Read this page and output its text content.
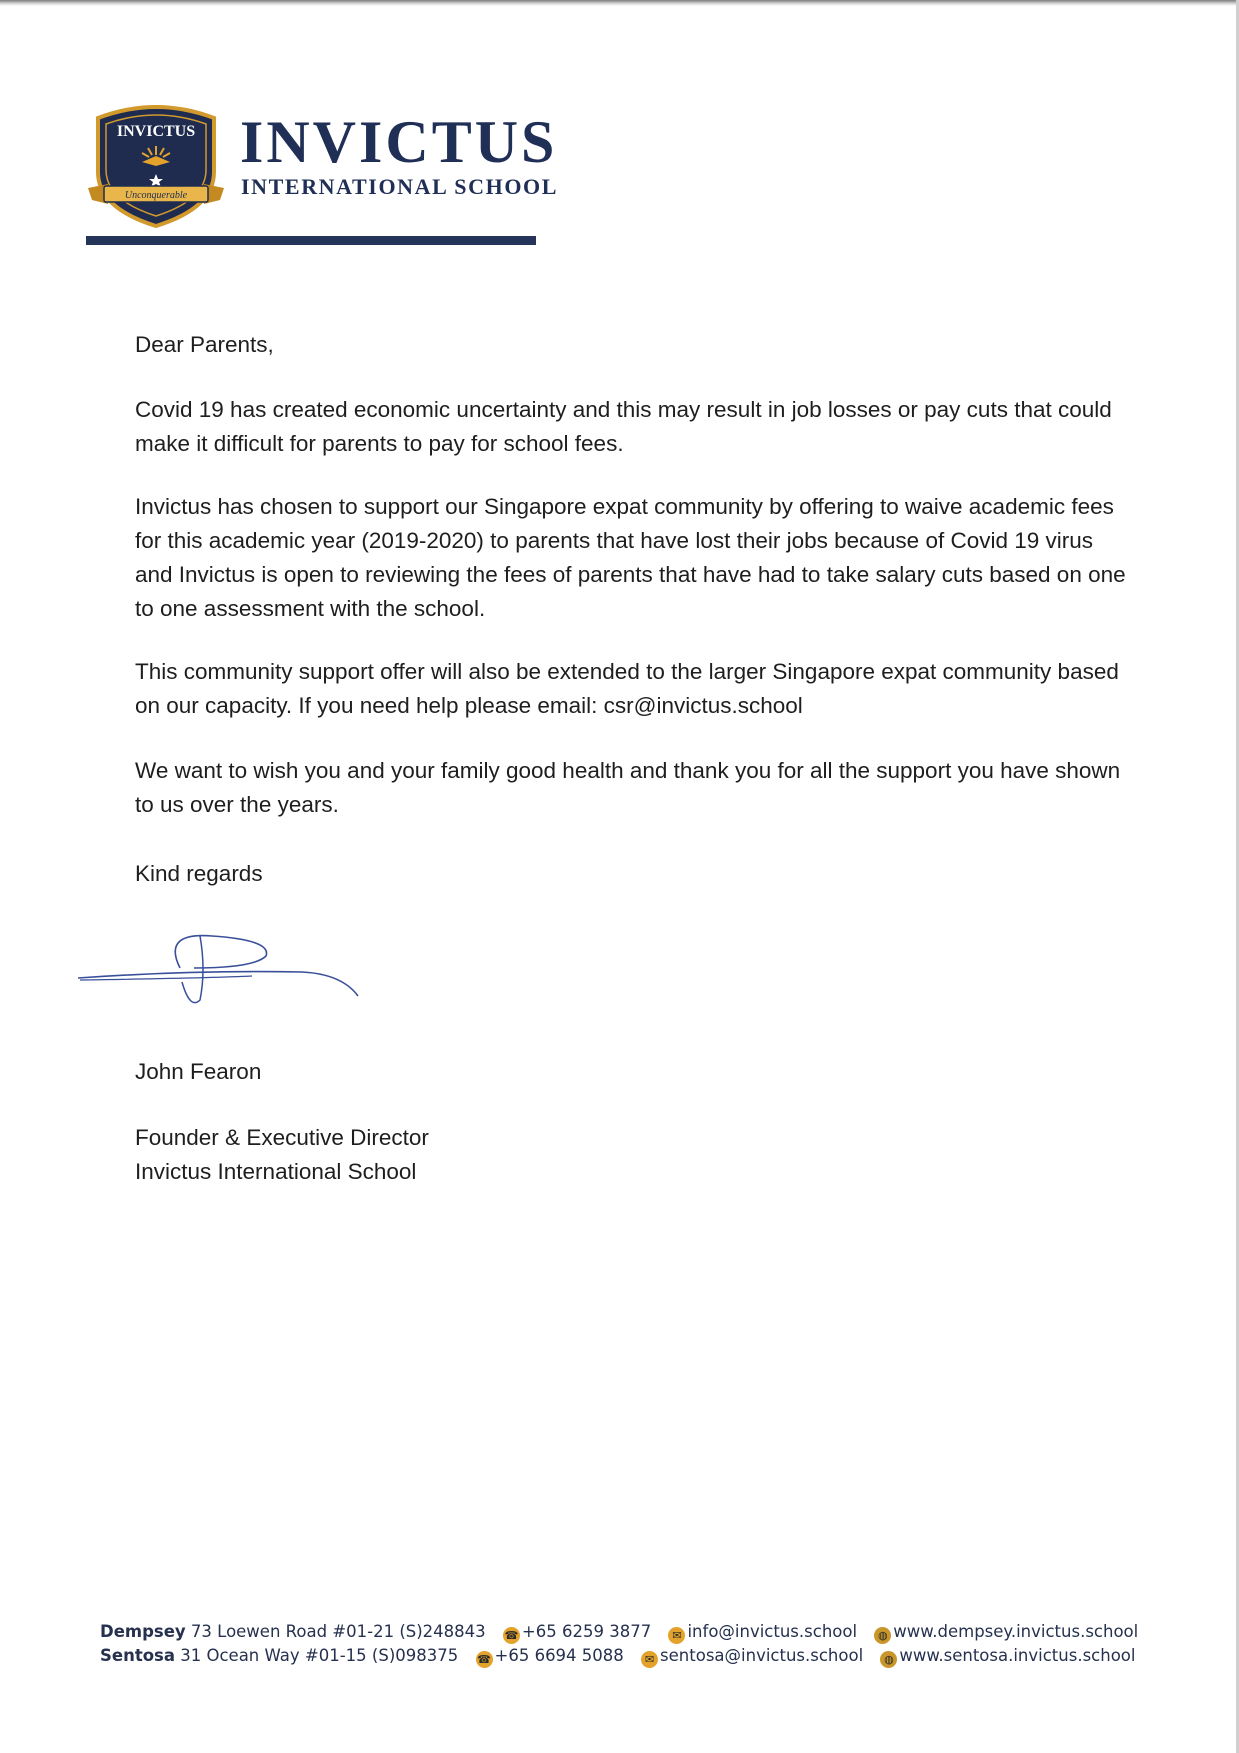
INVICTUS
Unconquerable
INVICTUS
INTERNATIONAL SCHOOL

Dear Parents,

Covid 19 has created economic uncertainty and this may result in job losses or pay cuts that could make it difficult for parents to pay for school fees.

Invictus has chosen to support our Singapore expat community by offering to waive academic fees for this academic year (2019-2020) to parents that have lost their jobs because of Covid 19 virus and Invictus is open to reviewing the fees of parents that have had to take salary cuts based on one to one assessment with the school.

This community support offer will also be extended to the larger Singapore expat community based on our capacity. If you need help please email: csr@invictus.school

We want to wish you and your family good health and thank you for all the support you have shown to us over the years.

Kind regards

John Fearon

Founder & Executive Director

Invictus International School

Dempsey 73 Loewen Road #01-21 (S)248843 ☎ +65 6259 3877 ✉ info@invictus.school ◍ www.dempsey.invictus.school
Sentosa 31 Ocean Way #01-15 (S)098375 ☎ +65 6694 5088 ✉ sentosa@invictus.school ◍ www.sentosa.invictus.school
